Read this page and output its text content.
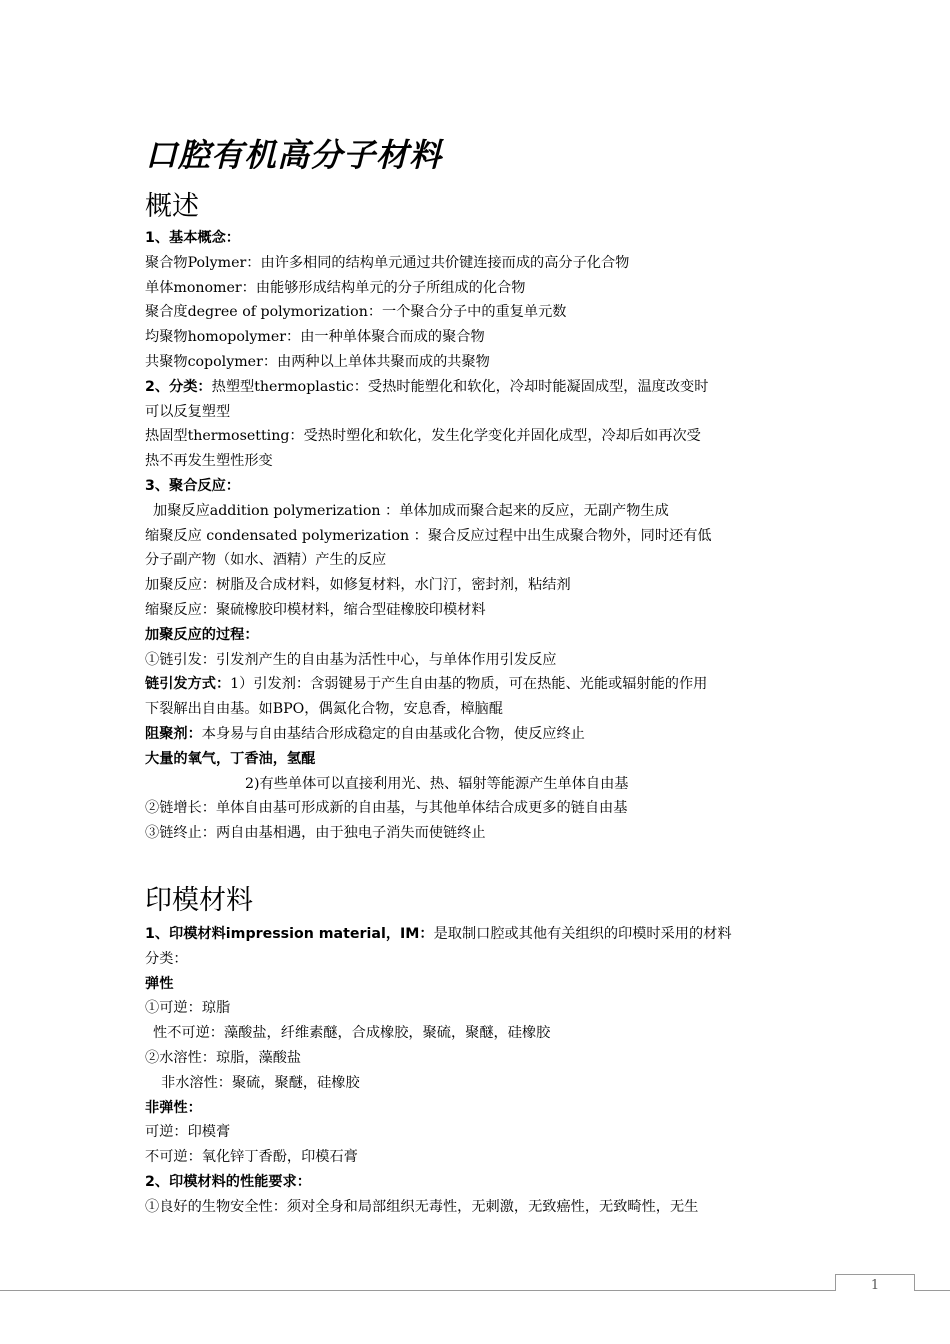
口腔有机高分子材料
概述
1、基本概念：
聚合物Polymer：由许多相同的结构单元通过共价键连接而成的高分子化合物
单体monomer：由能够形成结构单元的分子所组成的化合物
聚合度degree of polymorization：一个聚合分子中的重复单元数
均聚物homopolymer：由一种单体聚合而成的聚合物
共聚物copolymer：由两种以上单体共聚而成的共聚物
2、分类：热塑型thermoplastic：受热时能塑化和软化，冷却时能凝固成型，温度改变时
可以反复塑型
热固型thermosetting：受热时塑化和软化，发生化学变化并固化成型，冷却后如再次受
热不再发生塑性形变
3、聚合反应：
加聚反应addition polymerization ：单体加成而聚合起来的反应，无副产物生成
缩聚反应 condensated polymerization ：聚合反应过程中出生成聚合物外，同时还有低
分子副产物（如水、酒精）产生的反应
加聚反应：树脂及合成材料，如修复材料，水门汀，密封剂，粘结剂
缩聚反应：聚硫橡胶印模材料，缩合型硅橡胶印模材料
加聚反应的过程：
①链引发：引发剂产生的自由基为活性中心，与单体作用引发反应
链引发方式：1）引发剂：含弱键易于产生自由基的物质，可在热能、光能或辐射能的作用
下裂解出自由基。如BPO，偶氮化合物，安息香，樟脑醌
阻聚剂：本身易与自由基结合形成稳定的自由基或化合物，使反应终止
大量的氧气，丁香油，氢醌
2)有些单体可以直接利用光、热、辐射等能源产生单体自由基
②链增长：单体自由基可形成新的自由基，与其他单体结合成更多的链自由基
③链终止：两自由基相遇，由于独电子消失而使链终止
印模材料
1、印模材料impression material，IM：是取制口腔或其他有关组织的印模时采用的材料
分类：
弹性
①可逆：琼脂
性不可逆：藻酸盐，纤维素醚，合成橡胶，聚硫，聚醚，硅橡胶
②水溶性：琼脂，藻酸盐
非水溶性：聚硫，聚醚，硅橡胶
非弹性：
可逆：印模膏
不可逆：氧化锌丁香酚，印模石膏
2、印模材料的性能要求：
①良好的生物安全性：须对全身和局部组织无毒性，无刺激，无致癌性，无致畸性，无生
1
